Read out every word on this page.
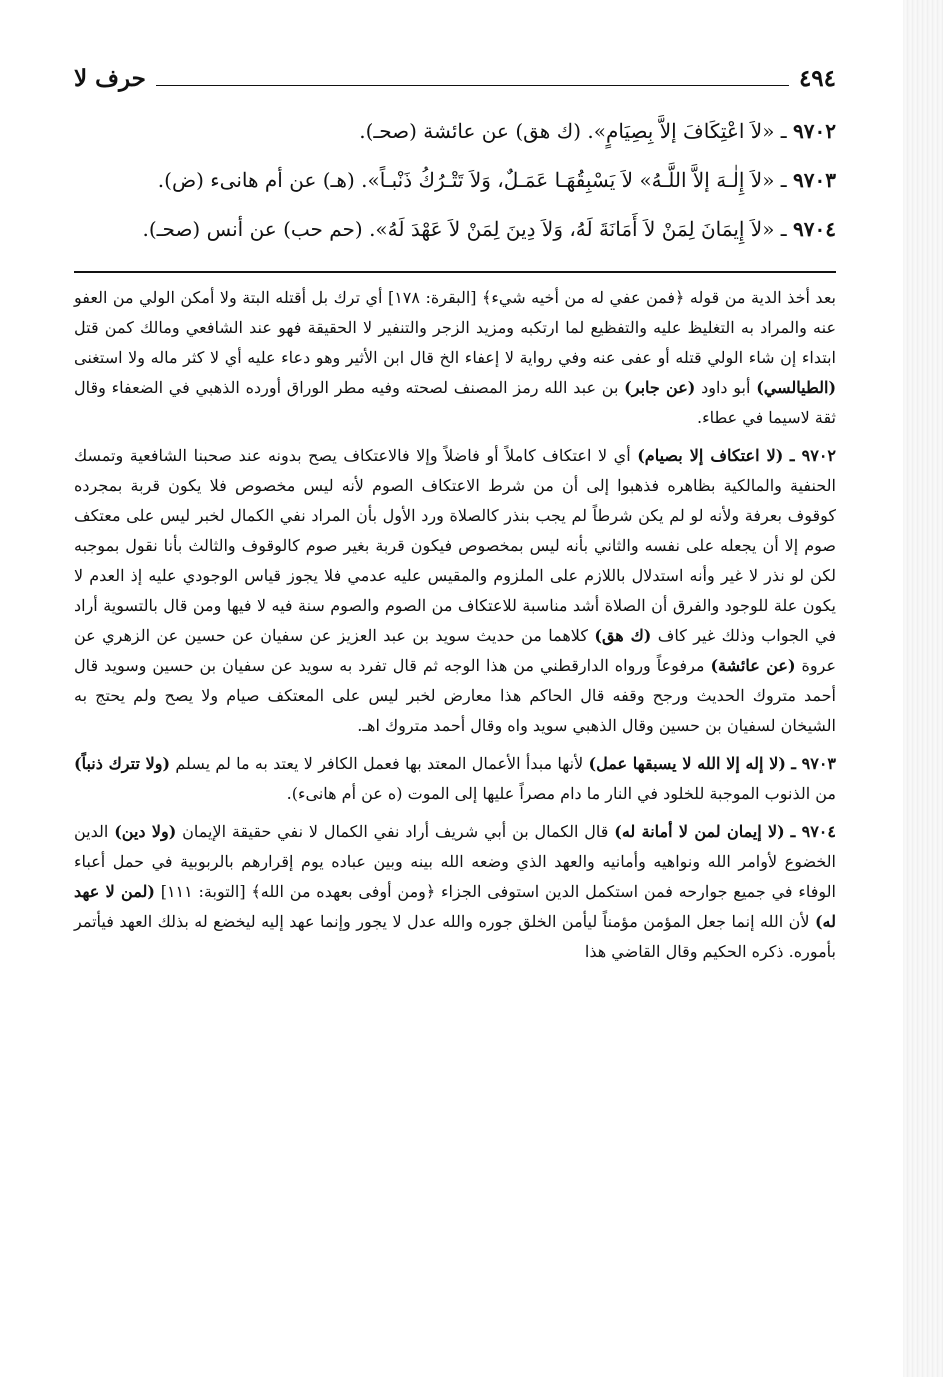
٤٩٤
حرف لا

٩٧٠٢ ـ «لاَ اعْتِكَافَ إلاَّ بِصِيَامٍ». (ك هق) عن عائشة (صحـ).

٩٧٠٣ ـ «لاَ إِلٰـهَ إلاَّ اللَّـهُ» لاَ يَسْبِقُهَـا عَمَـلٌ، وَلاَ تَتْـرُكُ ذَنْبـاً». (هـ) عن أم هانىء (ض).

٩٧٠٤ ـ «لاَ إِيمَانَ لِمَنْ لاَ أَمَانَةَ لَهُ، وَلاَ دِينَ لِمَنْ لاَ عَهْدَ لَهُ». (حم حب) عن أنس (صحـ).

بعد أخذ الدية من قوله ﴿فمن عفي له من أخيه شيء﴾ [البقرة: ١٧٨] أي ترك بل أقتله البتة ولا أمكن الولي من العفو عنه والمراد به التغليظ عليه والتفظيع لما ارتكبه ومزيد الزجر والتنفير لا الحقيقة فهو عند الشافعي ومالك كمن قتل ابتداء إن شاء الولي قتله أو عفى عنه وفي رواية لا إعفاء الخ قال ابن الأثير وهو دعاء عليه أي لا كثر ماله ولا استغنى (الطيالسي) أبو داود (عن جابر) بن عبد الله رمز المصنف لصحته وفيه مطر الوراق أورده الذهبي في الضعفاء وقال ثقة لاسيما في عطاء.

٩٧٠٢ ـ (لا اعتكاف إلا بصيام) أي لا اعتكاف كاملاً أو فاضلاً وإلا فالاعتكاف يصح بدونه عند صحبنا الشافعية وتمسك الحنفية والمالكية بظاهره فذهبوا إلى أن من شرط الاعتكاف الصوم لأنه ليس مخصوص فلا يكون قربة بمجرده كوقوف بعرفة ولأنه لو لم يكن شرطاً لم يجب بنذر كالصلاة ورد الأول بأن المراد نفي الكمال لخبر ليس على معتكف صوم إلا أن يجعله على نفسه والثاني بأنه ليس بمخصوص فيكون قربة بغير صوم كالوقوف والثالث بأنا نقول بموجبه لكن لو نذر لا غير وأنه استدلال باللازم على الملزوم والمقيس عليه عدمي فلا يجوز قياس الوجودي عليه إذ العدم لا يكون علة للوجود والفرق أن الصلاة أشد مناسبة للاعتكاف من الصوم والصوم سنة فيه لا فيها ومن قال بالتسوية أراد في الجواب وذلك غير كاف (ك هق) كلاهما من حديث سويد بن عبد العزيز عن سفيان عن حسين عن الزهري عن عروة (عن عائشة) مرفوعاً ورواه الدارقطني من هذا الوجه ثم قال تفرد به سويد عن سفيان بن حسين وسويد قال أحمد متروك الحديث ورجح وقفه قال الحاكم هذا معارض لخبر ليس على المعتكف صيام ولا يصح ولم يحتج به الشيخان لسفيان بن حسين وقال الذهبي سويد واه وقال أحمد متروك اهـ.

٩٧٠٣ ـ (لا إله إلا الله لا يسبقها عمل) لأنها مبدأ الأعمال المعتد بها فعمل الكافر لا يعتد به ما لم يسلم (ولا تترك ذنباً) من الذنوب الموجبة للخلود في النار ما دام مصراً عليها إلى الموت (ه عن أم هانىء).

٩٧٠٤ ـ (لا إيمان لمن لا أمانة له) قال الكمال بن أبي شريف أراد نفي الكمال لا نفي حقيقة الإيمان (ولا دين) الدين الخضوع لأوامر الله ونواهيه وأمانيه والعهد الذي وضعه الله بينه وبين عباده يوم إقرارهم بالربوبية في حمل أعباء الوفاء في جميع جوارحه فمن استكمل الدين استوفى الجزاء ﴿ومن أوفى بعهده من الله﴾ [التوبة: ١١١] (لمن لا عهد له) لأن الله إنما جعل المؤمن مؤمناً ليأمن الخلق جوره والله عدل لا يجور وإنما عهد إليه ليخضع له بذلك العهد فيأتمر بأموره. ذكره الحكيم وقال القاضي هذا
